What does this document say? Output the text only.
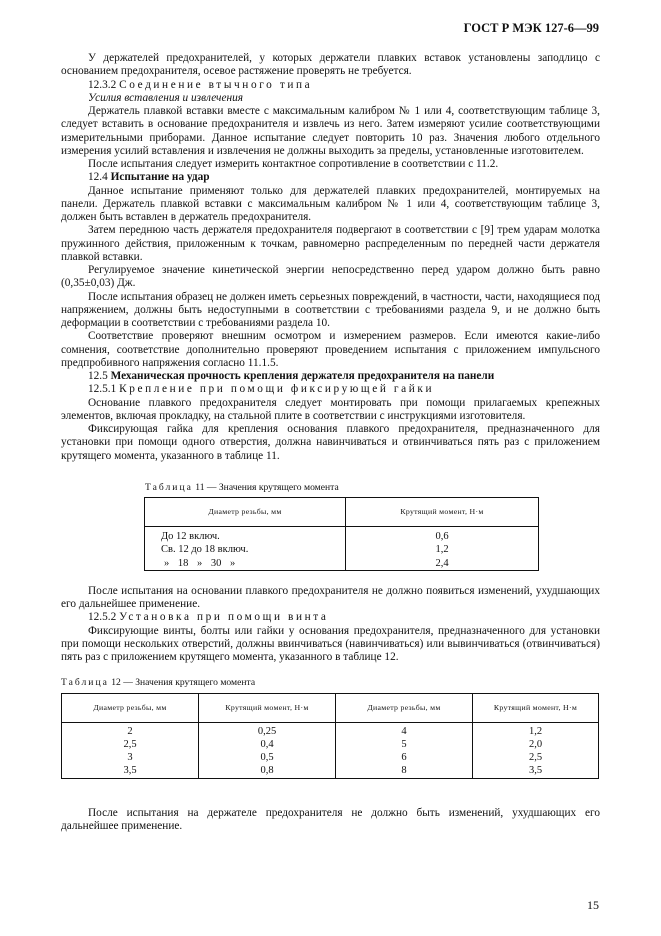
ГОСТ Р МЭК 127-6—99

У держателей предохранителей, у которых держатели плавких вставок установлены заподлицо с основанием предохранителя, осевое растяжение проверять не требуется.

12.3.2 Соединение втычного типа

Усилия вставления и извлечения

Держатель плавкой вставки вместе с максимальным калибром № 1 или 4, соответствующим таблице 3, следует вставить в основание предохранителя и извлечь из него. Затем измеряют усилие соответствующими измерительными приборами. Данное испытание следует повторить 10 раз. Значения любого отдельного измерения усилий вставления и извлечения не должны выходить за пределы, установленные изготовителем.

После испытания следует измерить контактное сопротивление в соответствии с 11.2.

12.4 Испытание на удар

Данное испытание применяют только для держателей плавких предохранителей, монтируемых на панели. Держатель плавкой вставки с максимальным калибром № 1 или 4, соответствующим таблице 3, должен быть вставлен в держатель предохранителя.

Затем переднюю часть держателя предохранителя подвергают в соответствии с [9] трем ударам молотка пружинного действия, приложенным к точкам, равномерно распределенным по передней части держателя плавкой вставки.

Регулируемое значение кинетической энергии непосредственно перед ударом должно быть равно (0,35±0,03) Дж.

После испытания образец не должен иметь серьезных повреждений, в частности, части, находящиеся под напряжением, должны быть недоступными в соответствии с требованиями раздела 9, и не должно быть деформации в соответствии с требованиями раздела 10.

Соответствие проверяют внешним осмотром и измерением размеров. Если имеются какие-либо сомнения, соответствие дополнительно проверяют проведением испытания с приложением импульсного предпробивного напряжения согласно 11.1.5.

12.5 Механическая прочность крепления держателя предохранителя на панели

12.5.1 Крепление при помощи фиксирующей гайки

Основание плавкого предохранителя следует монтировать при помощи прилагаемых крепежных элементов, включая прокладку, на стальной плите в соответствии с инструкциями изготовителя.

Фиксирующая гайка для крепления основания плавкого предохранителя, предназначенного для установки при помощи одного отверстия, должна навинчиваться и отвинчиваться пять раз с приложением крутящего момента, указанного в таблице 11.

Таблица 11 — Значения крутящего момента

Диаметр резьбы, мм	Крутящий момент, Н·м
До 12 включ.	0,6
Св. 12 до 18 включ.	1,2
» 18 » 30 »	2,4

После испытания на основании плавкого предохранителя не должно появиться изменений, ухудшающих его дальнейшее применение.

12.5.2 Установка при помощи винта

Фиксирующие винты, болты или гайки у основания предохранителя, предназначенного для установки при помощи нескольких отверстий, должны ввинчиваться (навинчиваться) или вывинчиваться (отвинчиваться) пять раз с приложением крутящего момента, указанного в таблице 12.

Таблица 12 — Значения крутящего момента

Диаметр резьбы, мм	Крутящий момент, Н·м	Диаметр резьбы, мм	Крутящий момент, Н·м
2	0,25	4	1,2
2,5	0,4	5	2,0
3	0,5	6	2,5
3,5	0,8	8	3,5

После испытания на держателе предохранителя не должно быть изменений, ухудшающих его дальнейшее применение.

15
